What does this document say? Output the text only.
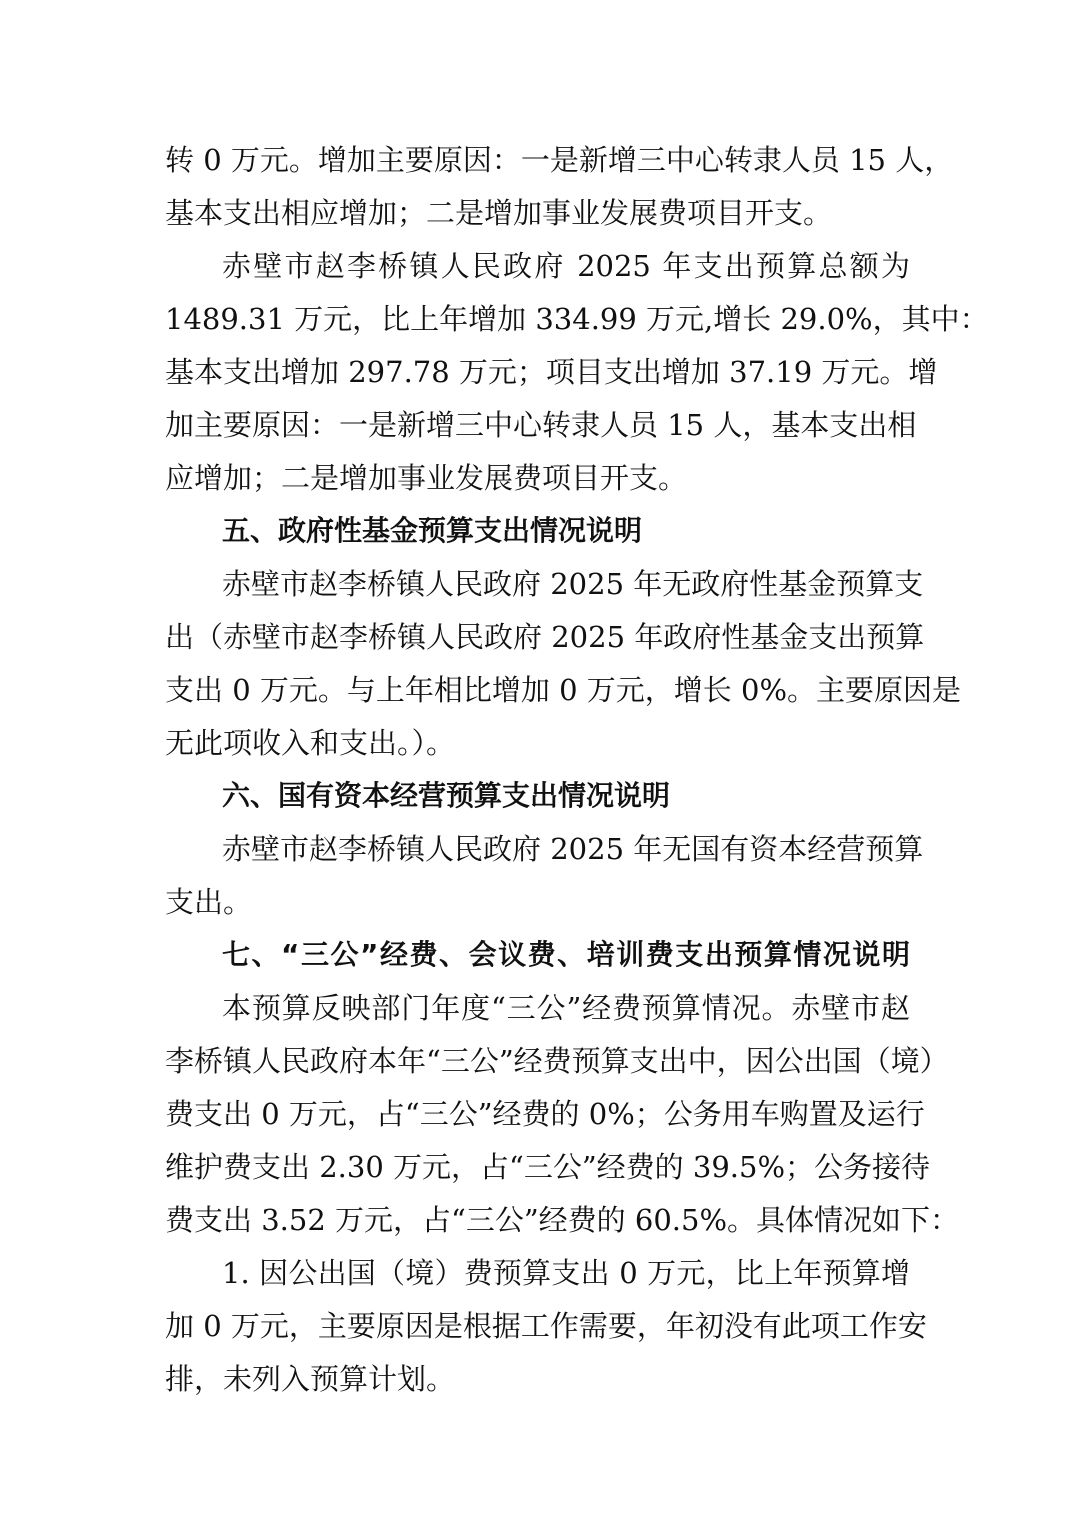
转 0 万元。增加主要原因：一是新增三中心转隶人员 15 人，
基本支出相应增加；二是增加事业发展费项目开支。
赤壁市赵李桥镇人民政府 2025 年支出预算总额为
1489.31 万元，比上年增加 334.99 万元,增长 29.0%，其中：
基本支出增加 297.78 万元；项目支出增加 37.19 万元。增
加主要原因：一是新增三中心转隶人员 15 人，基本支出相
应增加；二是增加事业发展费项目开支。
五、政府性基金预算支出情况说明
赤壁市赵李桥镇人民政府 2025 年无政府性基金预算支
出（赤壁市赵李桥镇人民政府 2025 年政府性基金支出预算
支出 0 万元。与上年相比增加 0 万元，增长 0%。主要原因是
无此项收入和支出。）。
六、国有资本经营预算支出情况说明
赤壁市赵李桥镇人民政府 2025 年无国有资本经营预算
支出。
七、“三公”经费、会议费、培训费支出预算情况说明
本预算反映部门年度“三公”经费预算情况。赤壁市赵
李桥镇人民政府本年“三公”经费预算支出中，因公出国（境）
费支出 0 万元，占“三公”经费的 0%；公务用车购置及运行
维护费支出 2.30 万元，占“三公”经费的 39.5%；公务接待
费支出 3.52 万元，占“三公”经费的 60.5%。具体情况如下：
1. 因公出国（境）费预算支出 0 万元，比上年预算增
加 0 万元，主要原因是根据工作需要，年初没有此项工作安
排，未列入预算计划。
